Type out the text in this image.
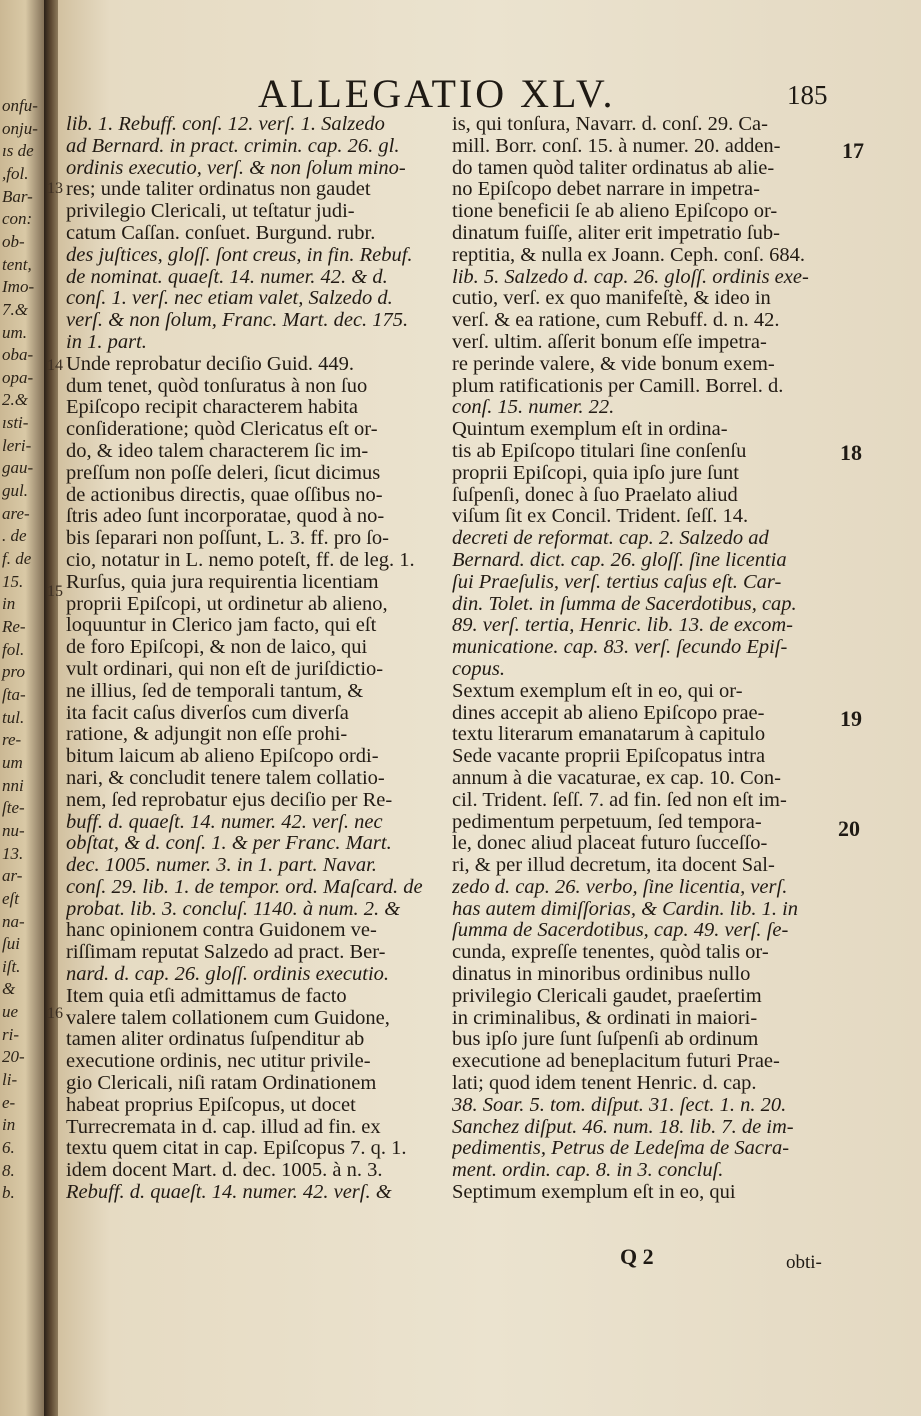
onfu-
onju-
ıs de
,fol.
Bar-
con:
ob-
tent,
Imo-
7.&
um.
oba-
opa-
2.&
ısti-
leri-
gau-
gul.
are-
. de
f. de
15.
in
Re-
fol.
pro
ſta-
tul.
re-
um
nni
ſte-
nu-
13.
ar-
eſt
na-
ſui
iſt.
&
ue
ri-
20-
li-
e-
in
6.
8.
b.
ALLEGATIO XLV.	185
13
14
15
16
lib. 1. Rebuff. conſ. 12. verſ. 1. Salzedo
ad Bernard. in pract. crimin. cap. 26. gl.
ordinis executio, verſ. & non ſolum mino-
res; unde taliter ordinatus non gaudet
privilegio Clericali, ut teſtatur judi-
catum Caſſan. conſuet. Burgund. rubr.
des juſtices, gloſſ. ſont creus, in fin. Rebuf.
de nominat. quaeſt. 14. numer. 42. & d.
conſ. 1. verſ. nec etiam valet, Salzedo d.
verſ. & non ſolum, Franc. Mart. dec. 175.
in 1. part.
Unde reprobatur deciſio Guid. 449.
dum tenet, quòd tonſuratus à non ſuo
Epiſcopo recipit characterem habita
conſideratione; quòd Clericatus eſt or-
do, & ideo talem characterem ſic im-
preſſum non poſſe deleri, ſicut dicimus
de actionibus directis, quae oſſibus no-
ſtris adeo ſunt incorporatae, quod à no-
bis ſeparari non poſſunt, L. 3. ff. pro ſo-
cio, notatur in L. nemo poteſt, ff. de leg. 1.
Rurſus, quia jura requirentia licentiam
proprii Epiſcopi, ut ordinetur ab alieno,
loquuntur in Clerico jam facto, qui eſt
de foro Epiſcopi, & non de laico, qui
vult ordinari, qui non eſt de juriſdictio-
ne illius, ſed de temporali tantum, &
ita facit caſus diverſos cum diverſa
ratione, & adjungit non eſſe prohi-
bitum laicum ab alieno Epiſcopo ordi-
nari, & concludit tenere talem collatio-
nem, ſed reprobatur ejus deciſio per Re-
buff. d. quaeſt. 14. numer. 42. verſ. nec
obſtat, & d. conſ. 1. & per Franc. Mart.
dec. 1005. numer. 3. in 1. part. Navar.
conſ. 29. lib. 1. de tempor. ord. Maſcard. de
probat. lib. 3. concluſ. 1140. à num. 2. &
hanc opinionem contra Guidonem ve-
riſſimam reputat Salzedo ad pract. Ber-
nard. d. cap. 26. gloſſ. ordinis executio.
Item quia etſi admittamus de facto
valere talem collationem cum Guidone,
tamen aliter ordinatus ſuſpenditur ab
executione ordinis, nec utitur privile-
gio Clericali, niſi ratam Ordinationem
habeat proprius Epiſcopus, ut docet
Turrecremata in d. cap. illud ad fin. ex
textu quem citat in cap. Epiſcopus 7. q. 1.
idem docent Mart. d. dec. 1005. à n. 3.
Rebuff. d. quaeſt. 14. numer. 42. verſ. &
is, qui tonſura, Navarr. d. conſ. 29. Ca-
mill. Borr. conſ. 15. à numer. 20. adden-
do tamen quòd taliter ordinatus ab alie-
no Epiſcopo debet narrare in impetra-
tione beneficii ſe ab alieno Epiſcopo or-
dinatum fuiſſe, aliter erit impetratio ſub-
reptitia, & nulla ex Joann. Ceph. conſ. 684.
lib. 5. Salzedo d. cap. 26. gloſſ. ordinis exe-
cutio, verſ. ex quo manifeſtè, & ideo in
verſ. & ea ratione, cum Rebuff. d. n. 42.
verſ. ultim. aſſerit bonum eſſe impetra-
re perinde valere, & vide bonum exem-
plum ratificationis per Camill. Borrel. d.
conſ. 15. numer. 22.
Quintum exemplum eſt in ordina-
tis ab Epiſcopo titulari ſine conſenſu
proprii Epiſcopi, quia ipſo jure ſunt
ſuſpenſi, donec à ſuo Praelato aliud
viſum ſit ex Concil. Trident. ſeſſ. 14.
decreti de reformat. cap. 2. Salzedo ad
Bernard. dict. cap. 26. gloſſ. ſine licentia
ſui Praeſulis, verſ. tertius caſus eſt. Car-
din. Tolet. in ſumma de Sacerdotibus, cap.
89. verſ. tertia, Henric. lib. 13. de excom-
municatione. cap. 83. verſ. ſecundo Epiſ-
copus.
Sextum exemplum eſt in eo, qui or-
dines accepit ab alieno Epiſcopo prae-
textu literarum emanatarum à capitulo
Sede vacante proprii Epiſcopatus intra
annum à die vacaturae, ex cap. 10. Con-
cil. Trident. ſeſſ. 7. ad fin. ſed non eſt im-
pedimentum perpetuum, ſed tempora-
le, donec aliud placeat futuro ſucceſſo-
ri, & per illud decretum, ita docent Sal-
zedo d. cap. 26. verbo, ſine licentia, verſ.
has autem dimiſſorias, & Cardin. lib. 1. in
ſumma de Sacerdotibus, cap. 49. verſ. ſe-
cunda, expreſſe tenentes, quòd talis or-
dinatus in minoribus ordinibus nullo
privilegio Clericali gaudet, praeſertim
in criminalibus, & ordinati in maiori-
bus ipſo jure ſunt ſuſpenſi ab ordinum
executione ad beneplacitum futuri Prae-
lati; quod idem tenent Henric. d. cap.
38. Soar. 5. tom. diſput. 31. ſect. 1. n. 20.
Sanchez diſput. 46. num. 18. lib. 7. de im-
pedimentis, Petrus de Ledeſma de Sacra-
ment. ordin. cap. 8. in 3. concluſ.
Septimum exemplum eſt in eo, qui
17
18
19
20
Q 2	obti-
